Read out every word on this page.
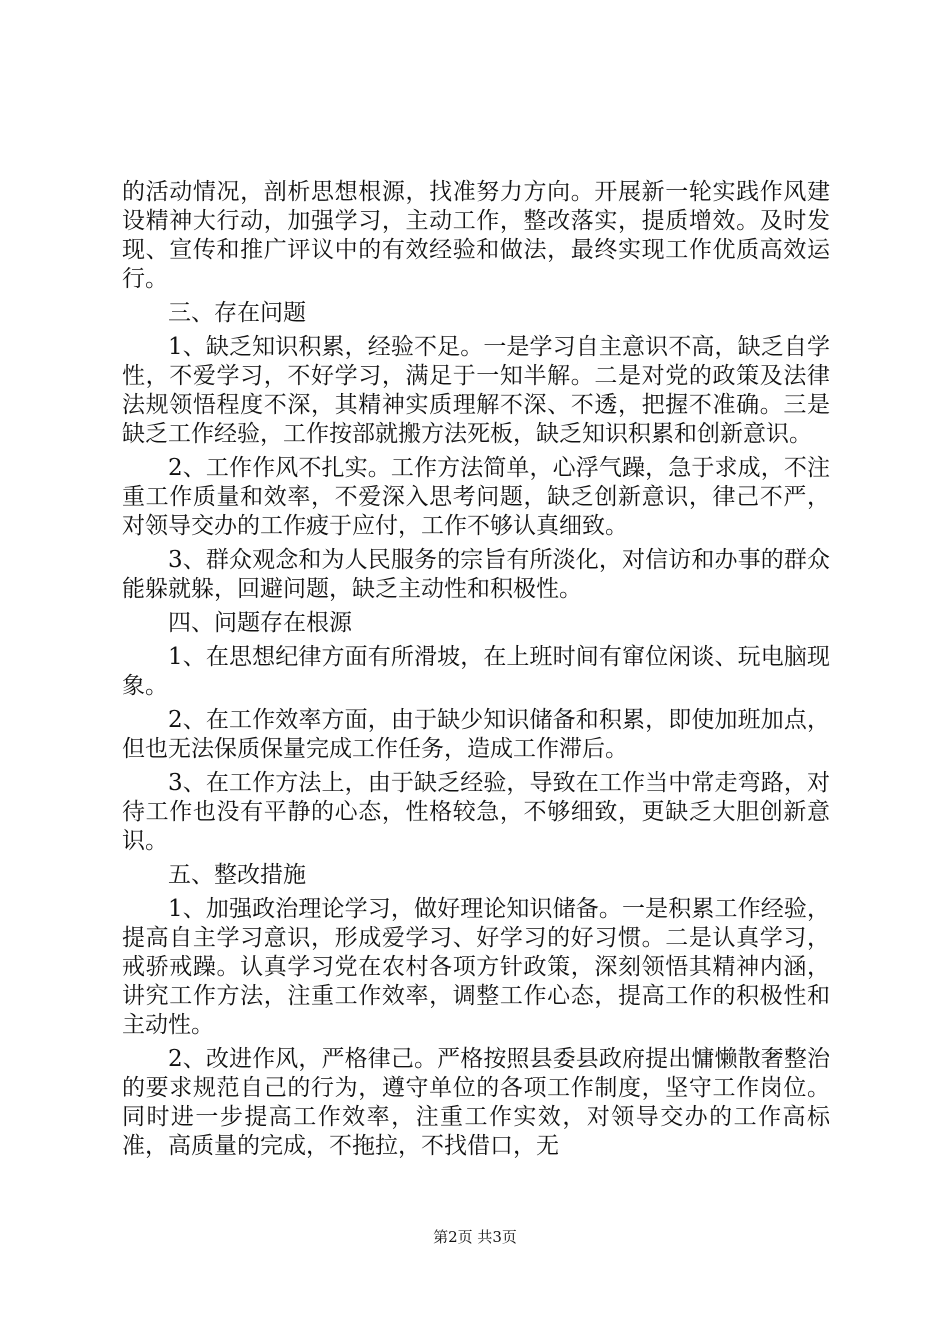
的活动情况，剖析思想根源，找准努力方向。开展新一轮实践作风建设精神大行动，加强学习，主动工作，整改落实，提质增效。及时发现、宣传和推广评议中的有效经验和做法，最终实现工作优质高效运行。

三、存在问题

1、缺乏知识积累，经验不足。一是学习自主意识不高，缺乏自学性，不爱学习，不好学习，满足于一知半解。二是对党的政策及法律法规领悟程度不深，其精神实质理解不深、不透，把握不准确。三是缺乏工作经验，工作按部就搬方法死板，缺乏知识积累和创新意识。

2、工作作风不扎实。工作方法简单，心浮气躁，急于求成，不注重工作质量和效率，不爱深入思考问题，缺乏创新意识，律己不严，对领导交办的工作疲于应付，工作不够认真细致。

3、群众观念和为人民服务的宗旨有所淡化，对信访和办事的群众能躲就躲，回避问题，缺乏主动性和积极性。

四、问题存在根源

1、在思想纪律方面有所滑坡，在上班时间有窜位闲谈、玩电脑现象。

2、在工作效率方面，由于缺少知识储备和积累，即使加班加点，但也无法保质保量完成工作任务，造成工作滞后。

3、在工作方法上，由于缺乏经验，导致在工作当中常走弯路，对待工作也没有平静的心态，性格较急，不够细致，更缺乏大胆创新意识。

五、整改措施

1、加强政治理论学习，做好理论知识储备。一是积累工作经验，提高自主学习意识，形成爱学习、好学习的好习惯。二是认真学习，戒骄戒躁。认真学习党在农村各项方针政策，深刻领悟其精神内涵，讲究工作方法，注重工作效率，调整工作心态，提高工作的积极性和主动性。

2、改进作风，严格律己。严格按照县委县政府提出慵懒散奢整治的要求规范自己的行为，遵守单位的各项工作制度，坚守工作岗位。同时进一步提高工作效率，注重工作实效，对领导交办的工作高标准，高质量的完成，不拖拉，不找借口，无

第2页 共3页
